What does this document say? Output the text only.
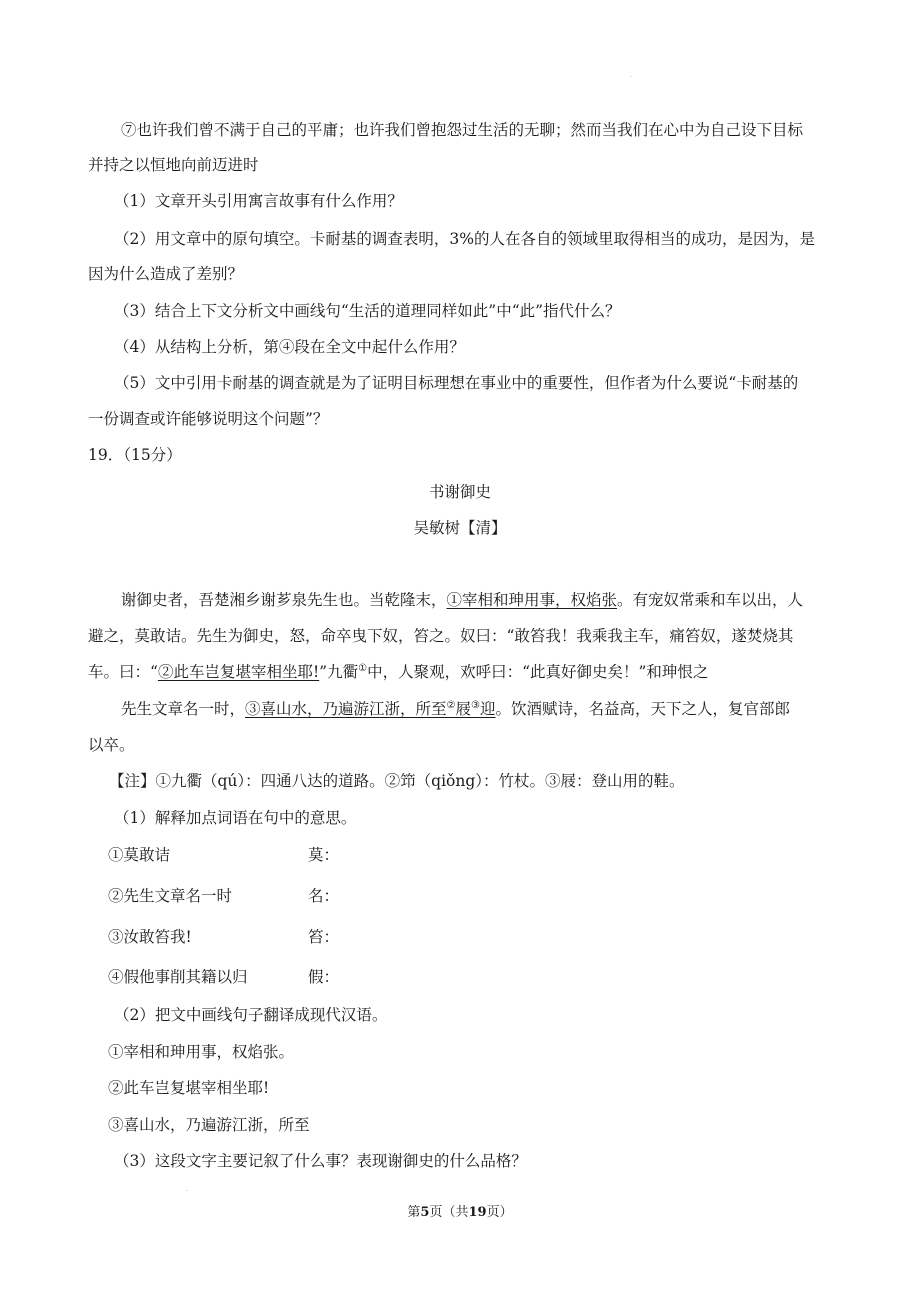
.
⑦也许我们曾不满于自己的平庸；也许我们曾抱怨过生活的无聊；然而当我们在心中为自己设下目标
并持之以恒地向前迈进时
（1）文章开头引用寓言故事有什么作用？
（2）用文章中的原句填空。卡耐基的调查表明，3%的人在各自的领域里取得相当的成功，是因为，是
因为什么造成了差别？
（3）结合上下文分析文中画线句“生活的道理同样如此”中“此”指代什么？
（4）从结构上分析，第④段在全文中起什么作用？
（5）文中引用卡耐基的调查就是为了证明目标理想在事业中的重要性，但作者为什么要说“卡耐基的
一份调查或许能够说明这个问题”？
19．（15分）
书谢御史
吴敏树【清】
谢御史者，吾楚湘乡谢芗泉先生也。当乾隆末，①宰相和珅用事，权焰张。有宠奴常乘和车以出，人
避之，莫敢诘。先生为御史，怒，命卒曳下奴，笞之。奴曰：“敢笞我！我乘我主车，痛笞奴，遂焚烧其
车。曰：“②此车岂复堪宰相坐耶!”九衢①中，人聚观，欢呼曰：“此真好御史矣！”和珅恨之
先生文章名一时，③喜山水，乃遍游江浙，所至②屐③迎。饮酒赋诗，名益高，天下之人，复官部郎
以卒。
【注】①九衢（qú）：四通八达的道路。②笻（qiǒng）：竹杖。③屐：登山用的鞋。
（1）解释加点词语在句中的意思。
①莫敢诘	莫：
②先生文章名一时	名：
③汝敢笞我!	笞：
④假他事削其籍以归	假：
（2）把文中画线句子翻译成现代汉语。
①宰相和珅用事，权焰张。
②此车岂复堪宰相坐耶!
③喜山水，乃遍游江浙，所至
（3）这段文字主要记叙了什么事？表现谢御史的什么品格？
.
第5页（共19页）
